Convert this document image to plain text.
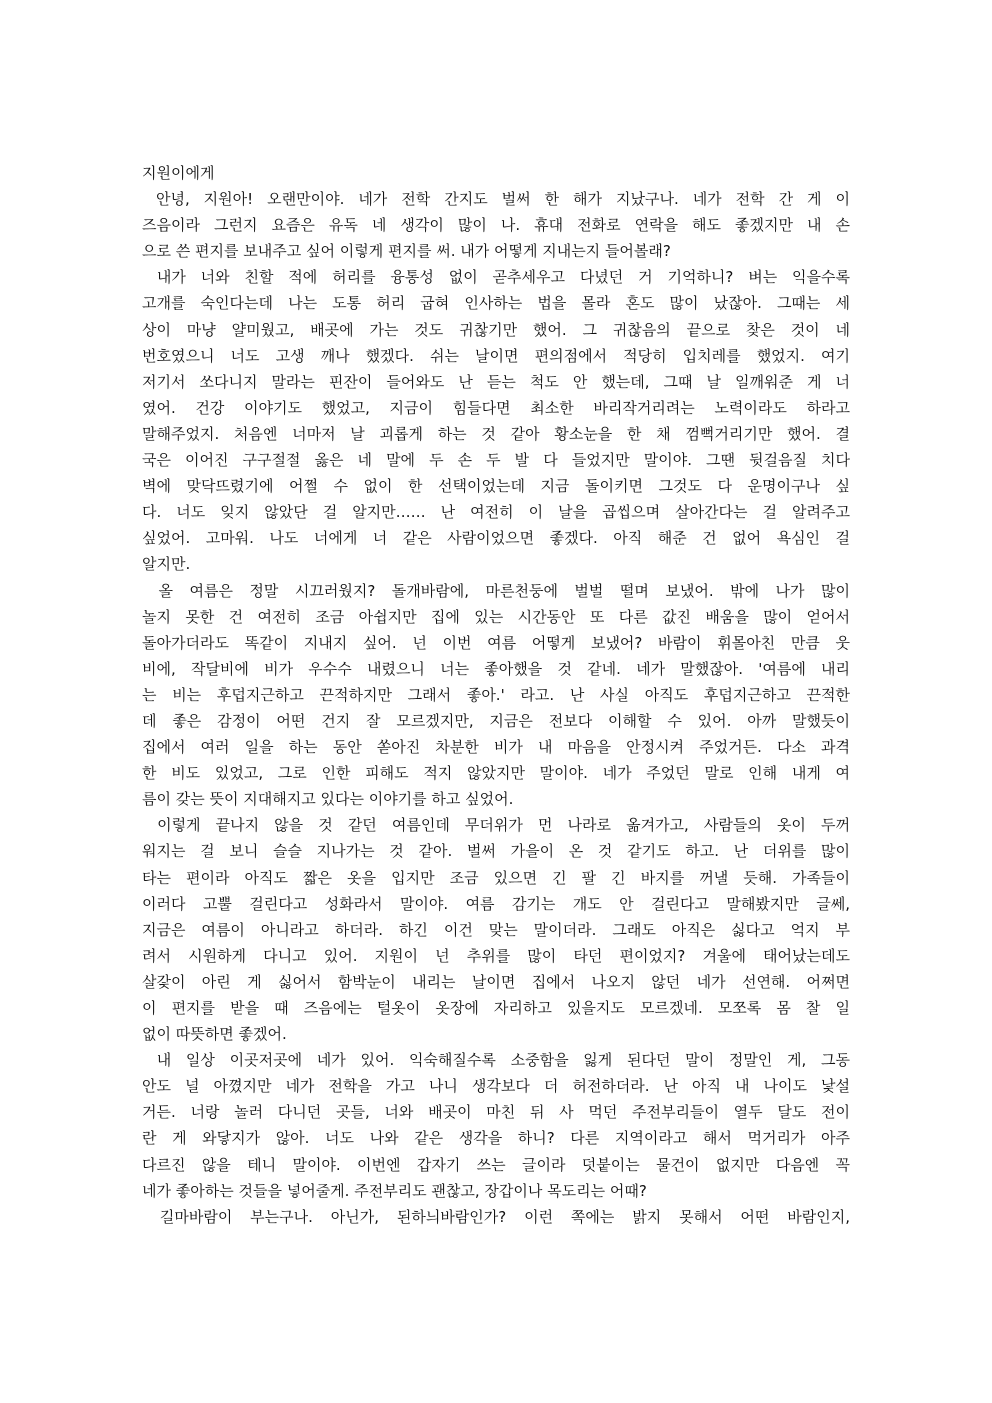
지원이에게
안녕, 지원아! 오랜만이야. 네가 전학 간지도 벌써 한 해가 지났구나. 네가 전학 간 게 이
즈음이라 그런지 요즘은 유독 네 생각이 많이 나. 휴대 전화로 연락을 해도 좋겠지만 내 손
으로 쓴 편지를 보내주고 싶어 이렇게 편지를 써. 내가 어떻게 지내는지 들어볼래?
내가 너와 친할 적에 허리를 융통성 없이 곧추세우고 다녔던 거 기억하니? 벼는 익을수록
고개를 숙인다는데 나는 도통 허리 굽혀 인사하는 법을 몰라 혼도 많이 났잖아. 그때는 세
상이 마냥 얄미웠고, 배곳에 가는 것도 귀찮기만 했어. 그 귀찮음의 끝으로 찾은 것이 네
번호였으니 너도 고생 깨나 했겠다. 쉬는 날이면 편의점에서 적당히 입치레를 했었지. 여기
저기서 쏘다니지 말라는 핀잔이 들어와도 난 듣는 척도 안 했는데, 그때 날 일깨워준 게 너
였어. 건강 이야기도 했었고, 지금이 힘들다면 최소한 바리작거리려는 노력이라도 하라고
말해주었지. 처음엔 너마저 날 괴롭게 하는 것 같아 황소눈을 한 채 껌뻑거리기만 했어. 결
국은 이어진 구구절절 옳은 네 말에 두 손 두 발 다 들었지만 말이야. 그땐 뒷걸음질 치다
벽에 맞닥뜨렸기에 어쩔 수 없이 한 선택이었는데 지금 돌이키면 그것도 다 운명이구나 싶
다. 너도 잊지 않았단 걸 알지만…… 난 여전히 이 날을 곱씹으며 살아간다는 걸 알려주고
싶었어. 고마워. 나도 너에게 너 같은 사람이었으면 좋겠다. 아직 해준 건 없어 욕심인 걸
알지만.
올 여름은 정말 시끄러웠지? 돌개바람에, 마른천둥에 벌벌 떨며 보냈어. 밖에 나가 많이
놀지 못한 건 여전히 조금 아쉽지만 집에 있는 시간동안 또 다른 값진 배움을 많이 얻어서
돌아가더라도 똑같이 지내지 싶어. 넌 이번 여름 어떻게 보냈어? 바람이 휘몰아친 만큼 웃
비에, 작달비에 비가 우수수 내렸으니 너는 좋아했을 것 같네. 네가 말했잖아. '여름에 내리
는 비는 후덥지근하고 끈적하지만 그래서 좋아.' 라고. 난 사실 아직도 후덥지근하고 끈적한
데 좋은 감정이 어떤 건지 잘 모르겠지만, 지금은 전보다 이해할 수 있어. 아까 말했듯이
집에서 여러 일을 하는 동안 쏟아진 차분한 비가 내 마음을 안정시켜 주었거든. 다소 과격
한 비도 있었고, 그로 인한 피해도 적지 않았지만 말이야. 네가 주었던 말로 인해 내게 여
름이 갖는 뜻이 지대해지고 있다는 이야기를 하고 싶었어.
이렇게 끝나지 않을 것 같던 여름인데 무더위가 먼 나라로 옮겨가고, 사람들의 옷이 두꺼
워지는 걸 보니 슬슬 지나가는 것 같아. 벌써 가을이 온 것 같기도 하고. 난 더위를 많이
타는 편이라 아직도 짧은 옷을 입지만 조금 있으면 긴 팔 긴 바지를 꺼낼 듯해. 가족들이
이러다 고뿔 걸린다고 성화라서 말이야. 여름 감기는 개도 안 걸린다고 말해봤지만 글쎄,
지금은 여름이 아니라고 하더라. 하긴 이건 맞는 말이더라. 그래도 아직은 싫다고 억지 부
려서 시원하게 다니고 있어. 지원이 넌 추위를 많이 타던 편이었지? 겨울에 태어났는데도
살갗이 아린 게 싫어서 함박눈이 내리는 날이면 집에서 나오지 않던 네가 선연해. 어쩌면
이 편지를 받을 때 즈음에는 털옷이 옷장에 자리하고 있을지도 모르겠네. 모쪼록 몸 찰 일
없이 따뜻하면 좋겠어.
내 일상 이곳저곳에 네가 있어. 익숙해질수록 소중함을 잃게 된다던 말이 정말인 게, 그동
안도 널 아꼈지만 네가 전학을 가고 나니 생각보다 더 허전하더라. 난 아직 내 나이도 낯설
거든. 너랑 놀러 다니던 곳들, 너와 배곳이 마친 뒤 사 먹던 주전부리들이 열두 달도 전이
란 게 와닿지가 않아. 너도 나와 같은 생각을 하니? 다른 지역이라고 해서 먹거리가 아주
다르진 않을 테니 말이야. 이번엔 갑자기 쓰는 글이라 덧붙이는 물건이 없지만 다음엔 꼭
네가 좋아하는 것들을 넣어줄게. 주전부리도 괜찮고, 장갑이나 목도리는 어때?
길마바람이 부는구나. 아닌가, 된하늬바람인가? 이런 쪽에는 밝지 못해서 어떤 바람인지,
